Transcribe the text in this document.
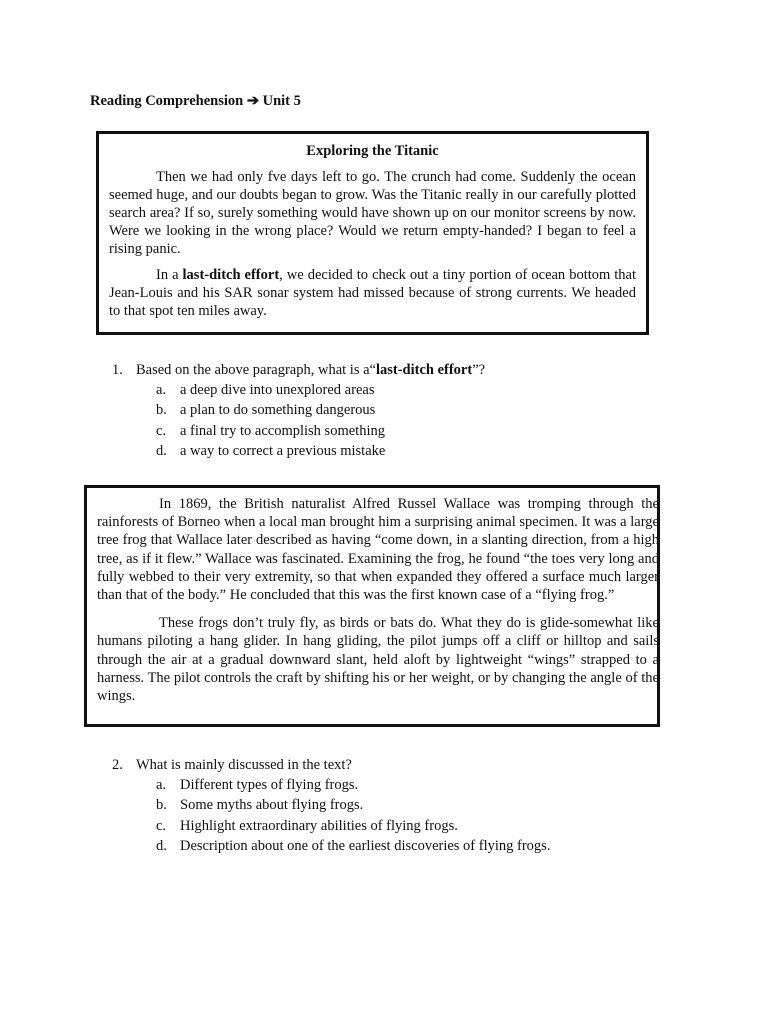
Reading Comprehension ➔ Unit 5

Exploring the Titanic

Then we had only fve days left to go. The crunch had come. Suddenly the ocean seemed huge, and our doubts began to grow. Was the Titanic really in our carefully plotted search area? If so, surely something would have shown up on our monitor screens by now. Were we looking in the wrong place? Would we return empty-handed? I began to feel a rising panic.

In a last-ditch effort, we decided to check out a tiny portion of ocean bottom that Jean-Louis and his SAR sonar system had missed because of strong currents. We headed to that spot ten miles away.

1. Based on the above paragraph, what is a“last-ditch effort”?
a. a deep dive into unexplored areas
b. a plan to do something dangerous
c. a final try to accomplish something
d. a way to correct a previous mistake

In 1869, the British naturalist Alfred Russel Wallace was tromping through the rainforests of Borneo when a local man brought him a surprising animal specimen. It was a large tree frog that Wallace later described as having “come down, in a slanting direction, from a high tree, as if it flew.” Wallace was fascinated. Examining the frog, he found “the toes very long and fully webbed to their very extremity, so that when expanded they offered a surface much larger than that of the body.” He concluded that this was the first known case of a “flying frog.”

These frogs don’t truly fly, as birds or bats do. What they do is glide-somewhat like humans piloting a hang glider. In hang gliding, the pilot jumps off a cliff or hilltop and sails through the air at a gradual downward slant, held aloft by lightweight “wings” strapped to a harness. The pilot controls the craft by shifting his or her weight, or by changing the angle of the wings.

2. What is mainly discussed in the text?
a. Different types of flying frogs.
b. Some myths about flying frogs.
c. Highlight extraordinary abilities of flying frogs.
d. Description about one of the earliest discoveries of flying frogs.
